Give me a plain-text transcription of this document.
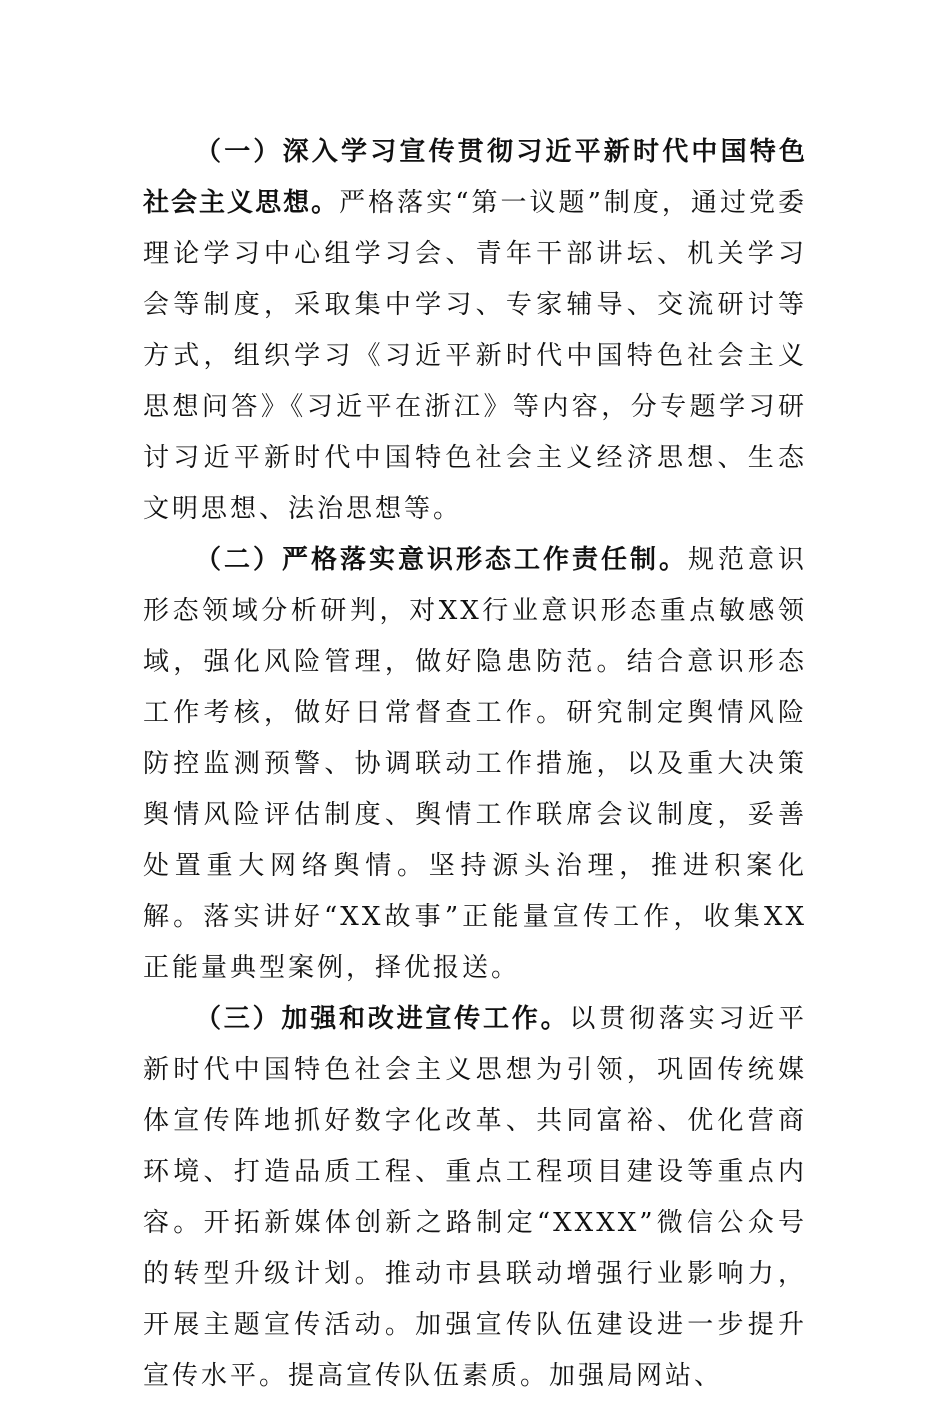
（一）深入学习宣传贯彻习近平新时代中国特色社会主义思想。严格落实“第一议题”制度，通过党委理论学习中心组学习会、青年干部讲坛、机关学习会等制度，采取集中学习、专家辅导、交流研讨等方式，组织学习《习近平新时代中国特色社会主义思想问答》《习近平在浙江》等内容，分专题学习研讨习近平新时代中国特色社会主义经济思想、生态文明思想、法治思想等。

（二）严格落实意识形态工作责任制。规范意识形态领域分析研判，对XX行业意识形态重点敏感领域，强化风险管理，做好隐患防范。结合意识形态工作考核，做好日常督查工作。研究制定舆情风险防控监测预警、协调联动工作措施，以及重大决策舆情风险评估制度、舆情工作联席会议制度，妥善处置重大网络舆情。坚持源头治理，推进积案化解。落实讲好“XX故事”正能量宣传工作，收集XX正能量典型案例，择优报送。

（三）加强和改进宣传工作。以贯彻落实习近平新时代中国特色社会主义思想为引领，巩固传统媒体宣传阵地抓好数字化改革、共同富裕、优化营商环境、打造品质工程、重点工程项目建设等重点内容。开拓新媒体创新之路制定“XXXX”微信公众号的转型升级计划。推动市县联动增强行业影响力，开展主题宣传活动。加强宣传队伍建设进一步提升宣传水平。提高宣传队伍素质。加强局网站、
